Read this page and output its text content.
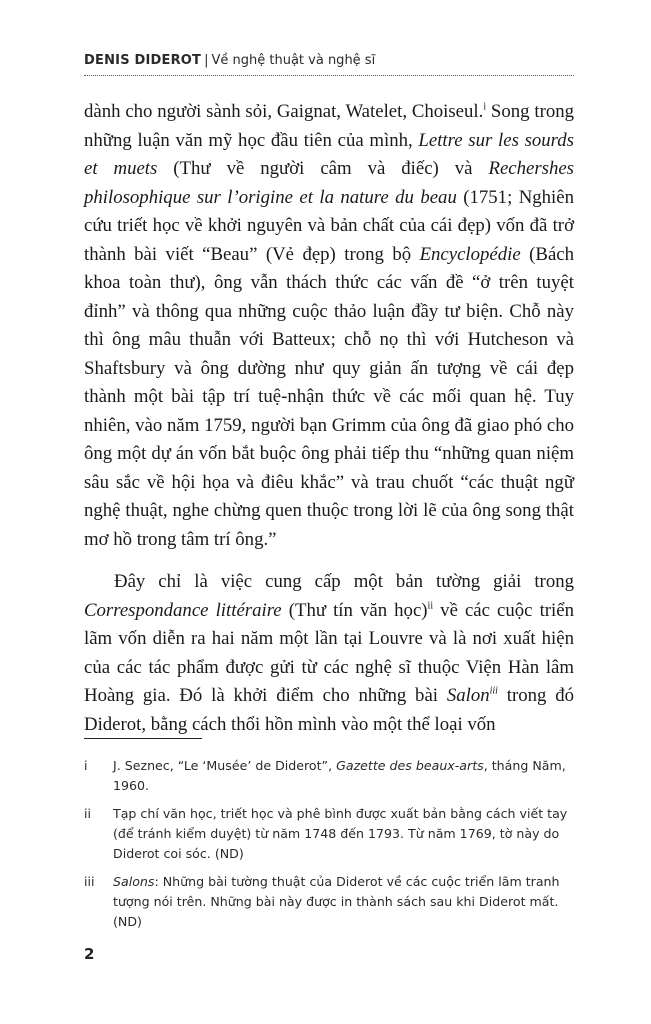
DENIS DIDEROT | Về nghệ thuật và nghệ sĩ

dành cho người sành sỏi, Gaignat, Watelet, Choiseul.$^i$ Song trong những luận văn mỹ học đầu tiên của mình, Lettre sur les sourds et muets (Thư về người câm và điếc) và Rechershes philosophique sur l’origine et la nature du beau (1751; Nghiên cứu triết học về khởi nguyên và bản chất của cái đẹp) vốn đã trở thành bài viết “Beau” (Vẻ đẹp) trong bộ Encyclopédie (Bách khoa toàn thư), ông vẫn thách thức các vấn đề “ở trên tuyệt đỉnh” và thông qua những cuộc thảo luận đầy tư biện. Chỗ này thì ông mâu thuẫn với Batteux; chỗ nọ thì với Hutcheson và Shaftsbury và ông dường như quy giản ấn tượng về cái đẹp thành một bài tập trí tuệ-nhận thức về các mối quan hệ. Tuy nhiên, vào năm 1759, người bạn Grimm của ông đã giao phó cho ông một dự án vốn bắt buộc ông phải tiếp thu “những quan niệm sâu sắc về hội họa và điêu khắc” và trau chuốt “các thuật ngữ nghệ thuật, nghe chừng quen thuộc trong lời lẽ của ông song thật mơ hồ trong tâm trí ông.”

Đây chỉ là việc cung cấp một bản tường giải trong Correspondance littéraire (Thư tín văn học)$^{ii}$ về các cuộc triển lãm vốn diễn ra hai năm một lần tại Louvre và là nơi xuất hiện của các tác phẩm được gửi từ các nghệ sĩ thuộc Viện Hàn lâm Hoàng gia. Đó là khởi điểm cho những bài Salon$^{iii}$ trong đó Diderot, bằng cách thổi hồn mình vào một thể loại vốn

i	J. Seznec, “Le ‘Musée’ de Diderot”, Gazette des beaux-arts, tháng Năm, 1960.
ii	Tạp chí văn học, triết học và phê bình được xuất bản bằng cách viết tay (để tránh kiểm duyệt) từ năm 1748 đến 1793. Từ năm 1769, tờ này do Diderot coi sóc. (ND)
iii	Salons: Những bài tường thuật của Diderot về các cuộc triển lãm tranh tượng nói trên. Những bài này được in thành sách sau khi Diderot mất. (ND)
2
